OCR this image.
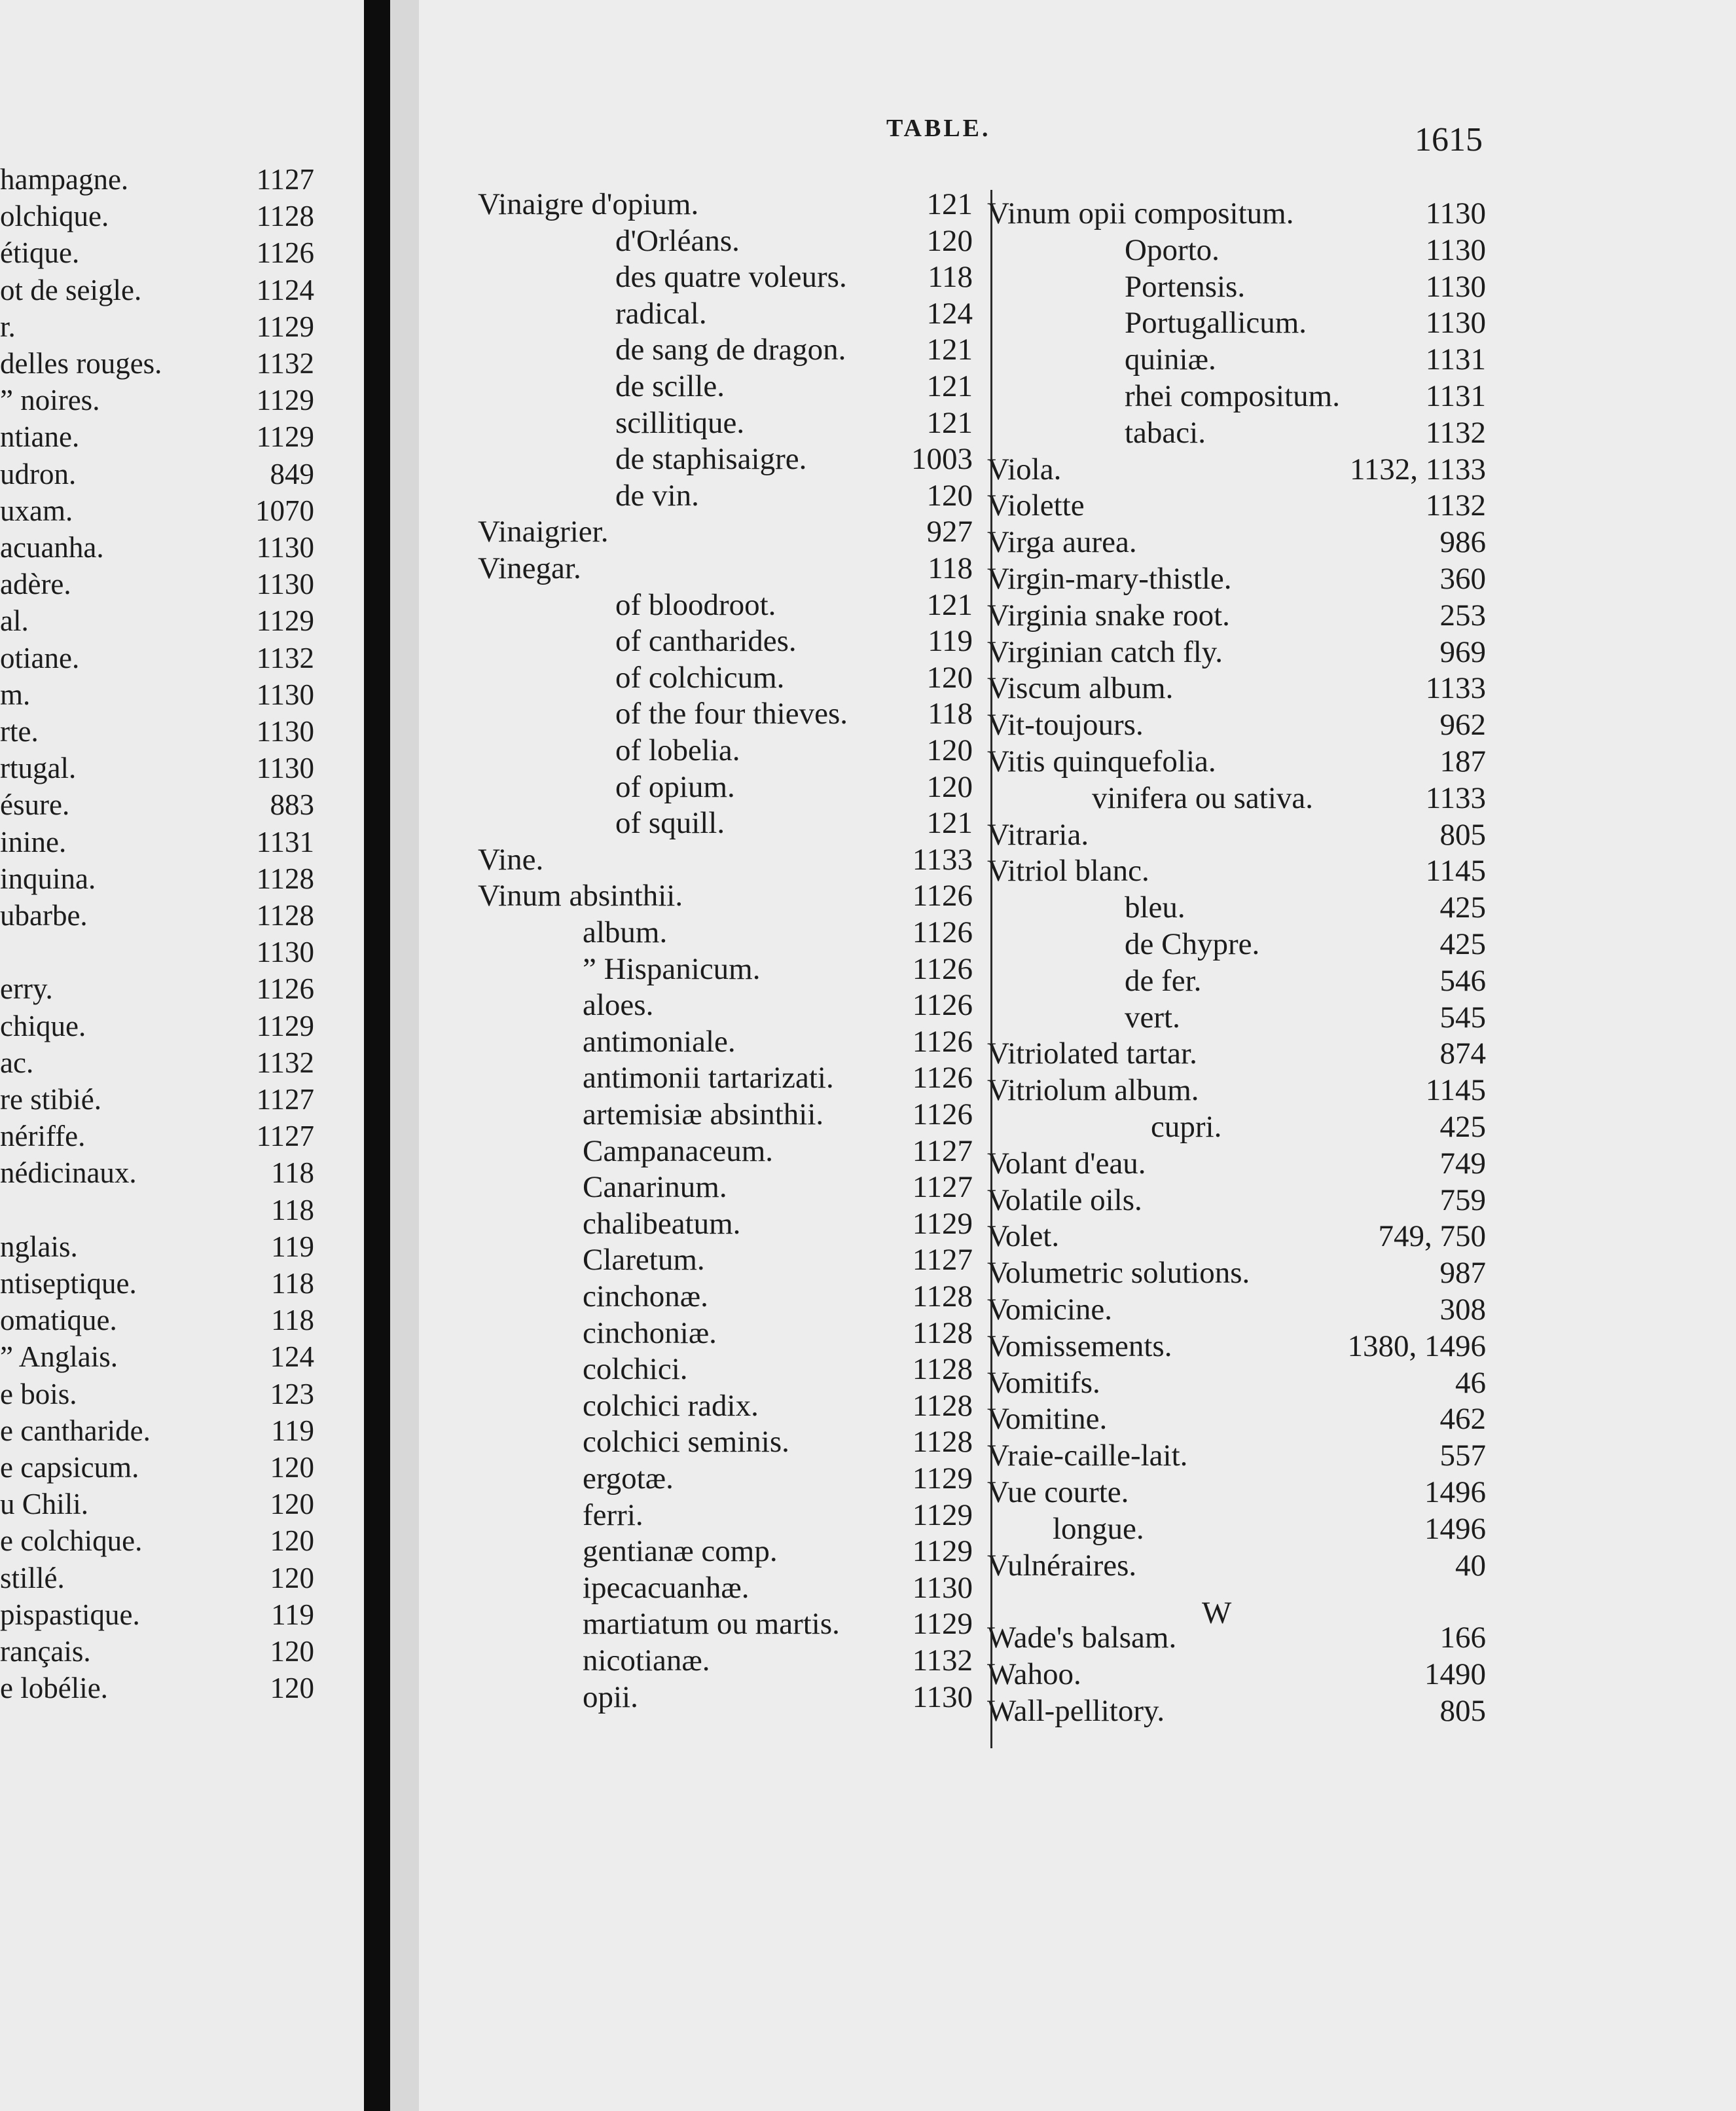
hampagne.	1127
olchique.	1128
étique.	1126
ot de seigle.	1124
r.	1129
delles rouges.	1132
” noires.	1129
ntiane.	1129
udron.	849
uxam.	1070
acuanha.	1130
adère.	1130
al.	1129
otiane.	1132
m.	1130
rte.	1130
rtugal.	1130
ésure.	883
inine.	1131
inquina.	1128
ubarbe.	1128
1130
erry.	1126
chique.	1129
ac.	1132
re stibié.	1127
nériffe.	1127
nédicinaux.	118
118
nglais.	119
ntiseptique.	118
omatique.	118
” Anglais.	124
e bois.	123
e cantharide.	119
e capsicum.	120
u Chili.	120
e colchique.	120
stillé.	120
pispastique.	119
rançais.	120
e lobélie.	120
TABLE.	1615
Vinaigre d'opium.	121
d'Orléans.	120
des quatre voleurs.	118
radical.	124
de sang de dragon.	121
de scille.	121
scillitique.	121
de staphisaigre.	1003
de vin.	120
Vinaigrier.	927
Vinegar.	118
of bloodroot.	121
of cantharides.	119
of colchicum.	120
of the four thieves.	118
of lobelia.	120
of opium.	120
of squill.	121
Vine.	1133
Vinum absinthii.	1126
album.	1126
” Hispanicum.	1126
aloes.	1126
antimoniale.	1126
antimonii tartarizati.	1126
artemisiæ absinthii.	1126
Campanaceum.	1127
Canarinum.	1127
chalibeatum.	1129
Claretum.	1127
cinchonæ.	1128
cinchoniæ.	1128
colchici.	1128
colchici radix.	1128
colchici seminis.	1128
ergotæ.	1129
ferri.	1129
gentianæ comp.	1129
ipecacuanhæ.	1130
martiatum ou martis. 1129
nicotianæ.	1132
opii.	1130
Vinum opii compositum.	1130
Oporto.	1130
Portensis.	1130
Portugallicum.	1130
quiniæ.	1131
rhei compositum.	1131
tabaci.	1132
Viola.	1132, 1133
Violette	1132
Virga aurea.	986
Virgin-mary-thistle.	360
Virginia snake root.	253
Virginian catch fly.	969
Viscum album.	1133
Vit-toujours.	962
Vitis quinquefolia.	187
vinifera ou sativa.	1133
Vitraria.	805
Vitriol blanc.	1145
bleu.	425
de Chypre.	425
de fer.	546
vert.	545
Vitriolated tartar.	874
Vitriolum album.	1145
cupri.	425
Volant d'eau.	749
Volatile oils.	759
Volet.	749, 750
Volumetric solutions.	987
Vomicine.	308
Vomissements.	1380, 1496
Vomitifs.	46
Vomitine.	462
Vraie-caille-lait.	557
Vue courte.	1496
longue.	1496
Vulnéraires.	40
Wade's balsam.	166
Wahoo.	1490
Wall-pellitory.	805
W
